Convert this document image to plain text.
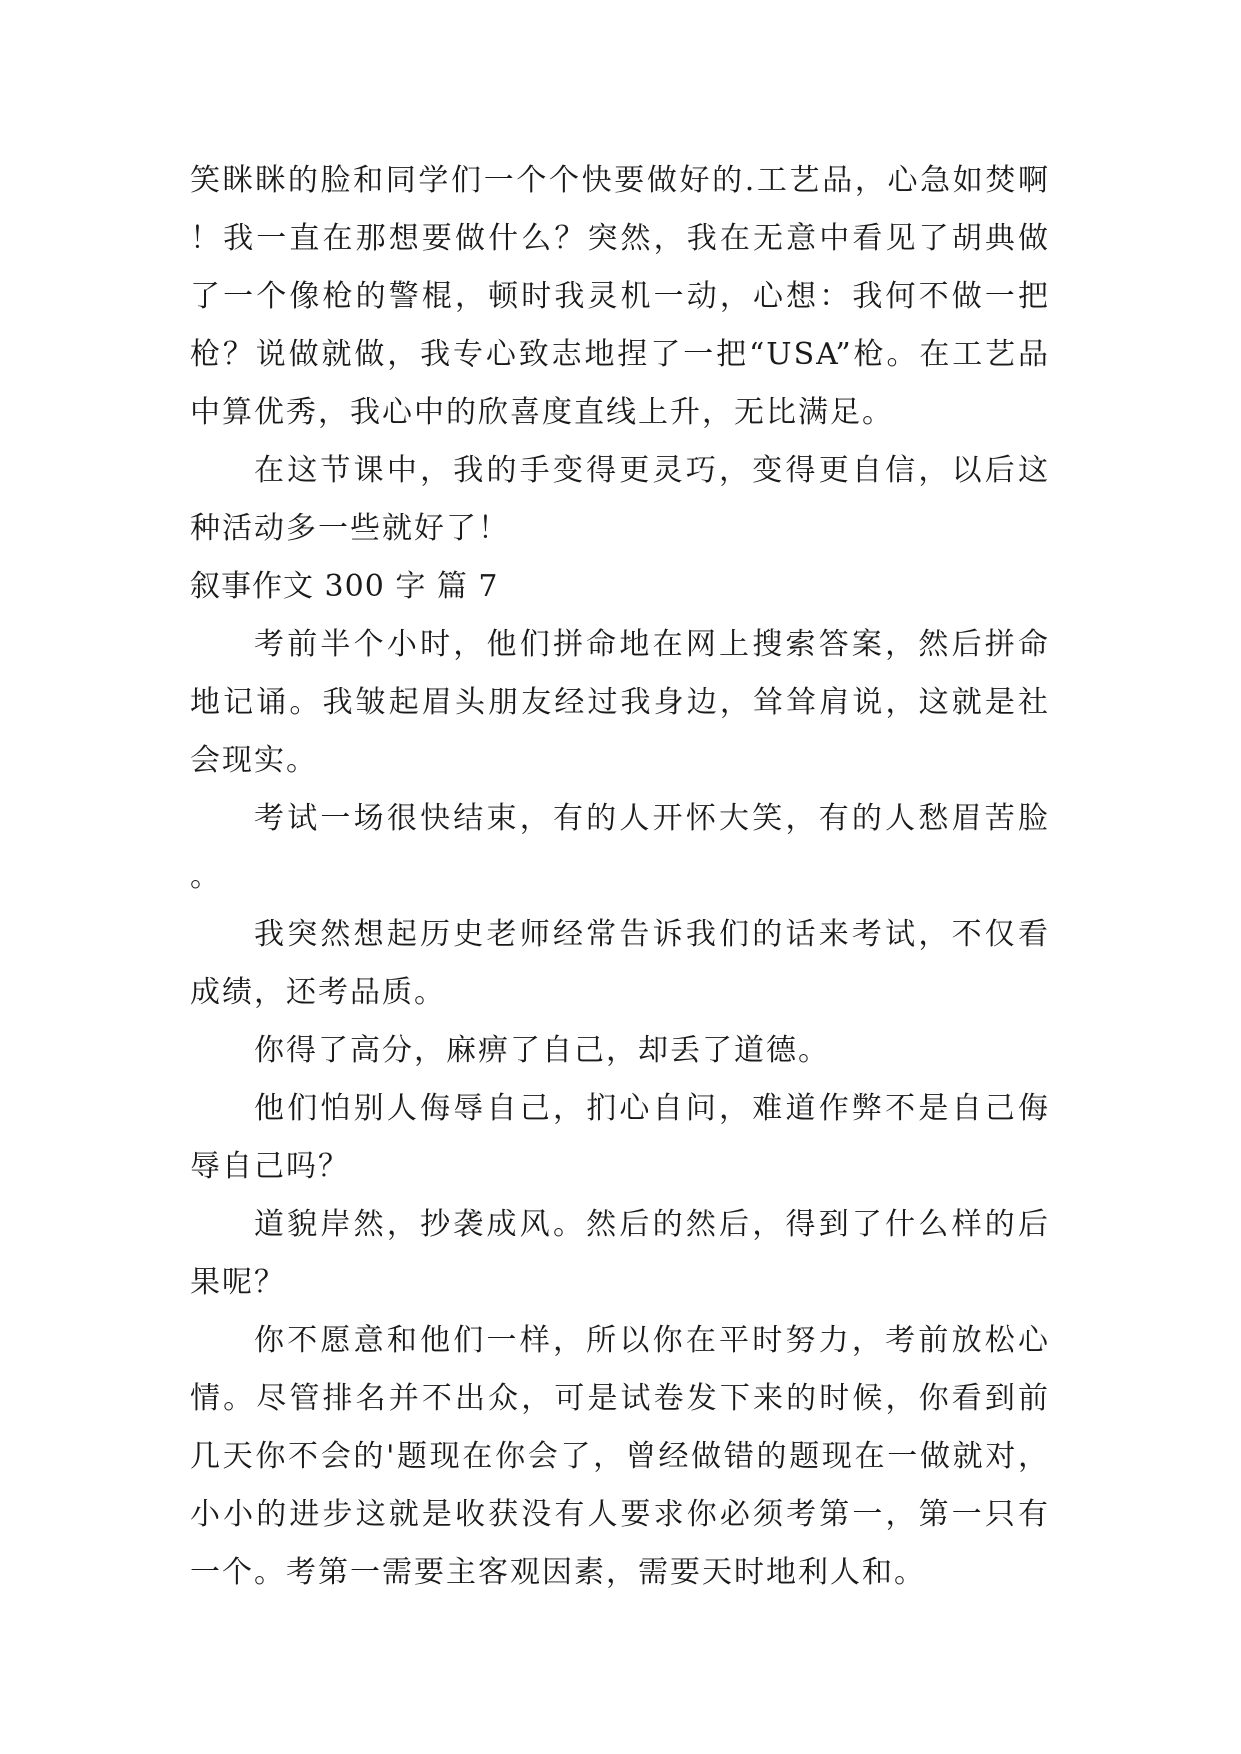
笑眯眯的脸和同学们一个个快要做好的.工艺品，心急如焚啊！我一直在那想要做什么？突然，我在无意中看见了胡典做了一个像枪的警棍，顿时我灵机一动，心想：我何不做一把枪？说做就做，我专心致志地捏了一把“USA”枪。在工艺品中算优秀，我心中的欣喜度直线上升，无比满足。

在这节课中，我的手变得更灵巧，变得更自信，以后这种活动多一些就好了！

叙事作文 300 字 篇 7

考前半个小时，他们拼命地在网上搜索答案，然后拼命地记诵。我皱起眉头朋友经过我身边，耸耸肩说，这就是社会现实。

考试一场很快结束，有的人开怀大笑，有的人愁眉苦脸。

我突然想起历史老师经常告诉我们的话来考试，不仅看成绩，还考品质。

你得了高分，麻痹了自己，却丢了道德。

他们怕别人侮辱自己，扪心自问，难道作弊不是自己侮辱自己吗？

道貌岸然，抄袭成风。然后的然后，得到了什么样的后果呢？

你不愿意和他们一样，所以你在平时努力，考前放松心情。尽管排名并不出众，可是试卷发下来的时候，你看到前几天你不会的'题现在你会了，曾经做错的题现在一做就对，小小的进步这就是收获没有人要求你必须考第一，第一只有一个。考第一需要主客观因素，需要天时地利人和。
